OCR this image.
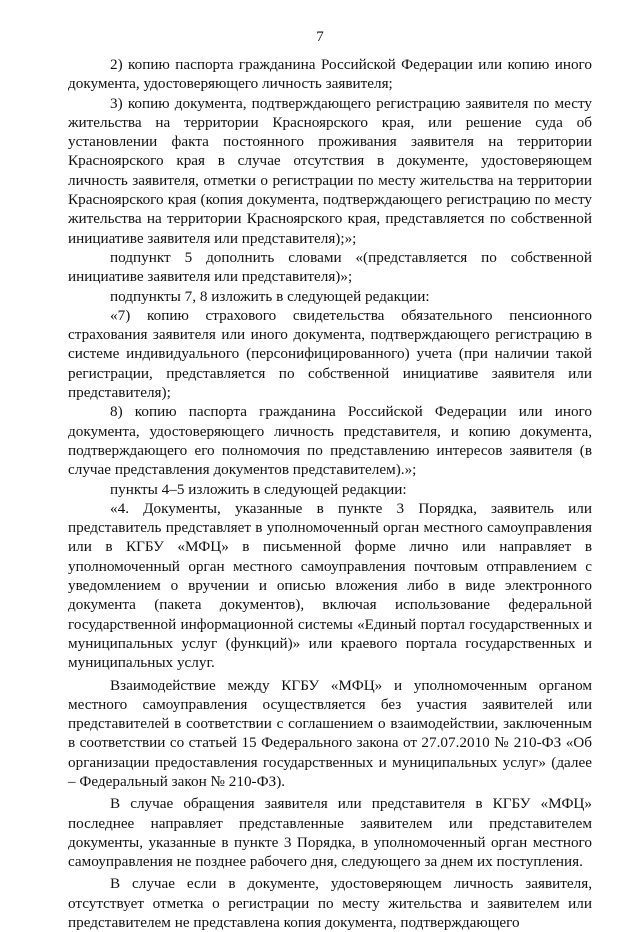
7

2) копию паспорта гражданина Российской Федерации или копию иного документа, удостоверяющего личность заявителя;

3) копию документа, подтверждающего регистрацию заявителя по месту жительства на территории Красноярского края, или решение суда об установлении факта постоянного проживания заявителя на территории Красноярского края в случае отсутствия в документе, удостоверяющем личность заявителя, отметки о регистрации по месту жительства на территории Красноярского края (копия документа, подтверждающего регистрацию по месту жительства на территории Красноярского края, представляется по собственной инициативе заявителя или представителя);»;

подпункт 5 дополнить словами «(представляется по собственной инициативе заявителя или представителя)»;

подпункты 7, 8 изложить в следующей редакции:

«7) копию страхового свидетельства обязательного пенсионного страхования заявителя или иного документа, подтверждающего регистрацию в системе индивидуального (персонифицированного) учета (при наличии такой регистрации, представляется по собственной инициативе заявителя или представителя);

8) копию паспорта гражданина Российской Федерации или иного документа, удостоверяющего личность представителя, и копию документа, подтверждающего его полномочия по представлению интересов заявителя (в случае представления документов представителем).»;

пункты 4–5 изложить в следующей редакции:

«4. Документы, указанные в пункте 3 Порядка, заявитель или представитель представляет в уполномоченный орган местного самоуправления или в КГБУ «МФЦ» в письменной форме лично или направляет в уполномоченный орган местного самоуправления почтовым отправлением с уведомлением о вручении и описью вложения либо в виде электронного документа (пакета документов), включая использование федеральной государственной информационной системы «Единый портал государственных и муниципальных услуг (функций)» или краевого портала государственных и муниципальных услуг.

Взаимодействие между КГБУ «МФЦ» и уполномоченным органом местного самоуправления осуществляется без участия заявителей или представителей в соответствии с соглашением о взаимодействии, заключенным в соответствии со статьей 15 Федерального закона от 27.07.2010 № 210-ФЗ «Об организации предоставления государственных и муниципальных услуг» (далее – Федеральный закон № 210-ФЗ).

В случае обращения заявителя или представителя в КГБУ «МФЦ» последнее направляет представленные заявителем или представителем документы, указанные в пункте 3 Порядка, в уполномоченный орган местного самоуправления не позднее рабочего дня, следующего за днем их поступления.

В случае если в документе, удостоверяющем личность заявителя, отсутствует отметка о регистрации по месту жительства и заявителем или представителем не представлена копия документа, подтверждающего
